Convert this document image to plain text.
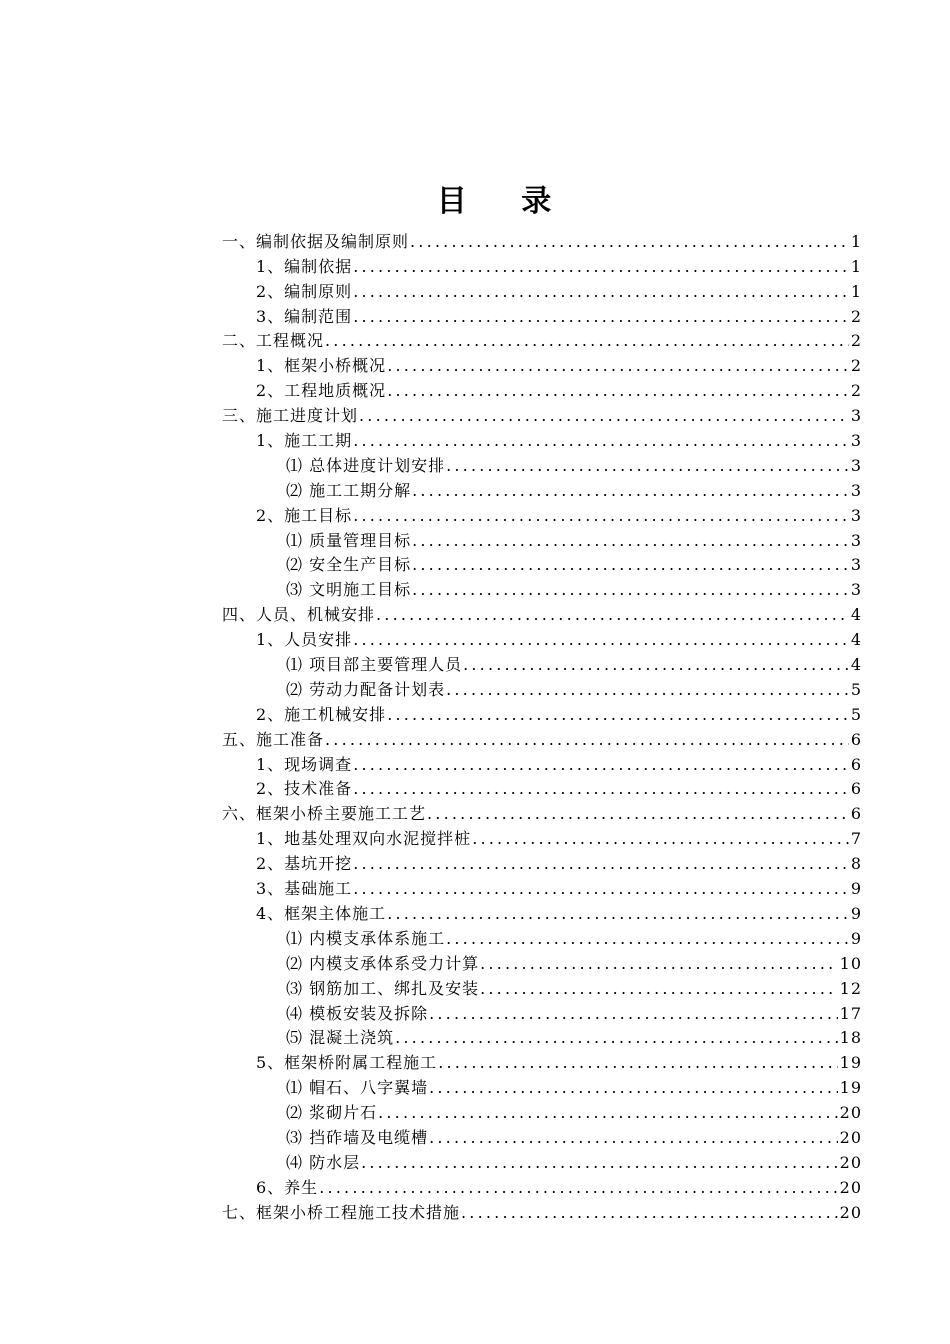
目 录
一、编制依据及编制原则 .....	1
1、编制依据 .....	1
2、编制原则 .....	1
3、编制范围 .....	2
二、工程概况 .....	2
1、框架小桥概况 .....	2
2、工程地质概况 .....	2
三、施工进度计划 .....	3
1、施工工期 .....	3
⑴ 总体进度计划安排 .....	3
⑵ 施工工期分解 .....	3
2、施工目标 .....	3
⑴ 质量管理目标 .....	3
⑵ 安全生产目标 .....	3
⑶ 文明施工目标 .....	3
四、人员、机械安排 .....	4
1、人员安排 .....	4
⑴ 项目部主要管理人员 .....	4
⑵ 劳动力配备计划表 .....	5
2、施工机械安排 .....	5
五、施工准备 .....	6
1、现场调查 .....	6
2、技术准备 .....	6
六、框架小桥主要施工工艺 .....	6
1、地基处理双向水泥搅拌桩 .....	7
2、基坑开挖 .....	8
3、基础施工 .....	9
4、框架主体施工 .....	9
⑴ 内模支承体系施工 .....	9
⑵ 内模支承体系受力计算 .....	10
⑶ 钢筋加工、绑扎及安装 .....	12
⑷ 模板安装及拆除 .....	17
⑸ 混凝土浇筑 .....	18
5、框架桥附属工程施工 .....	19
⑴ 帽石、八字翼墙 .....	19
⑵ 浆砌片石 .....	20
⑶ 挡砟墙及电缆槽 .....	20
⑷ 防水层 .....	20
6、养生 .....	20
七、框架小桥工程施工技术措施 .....	20
